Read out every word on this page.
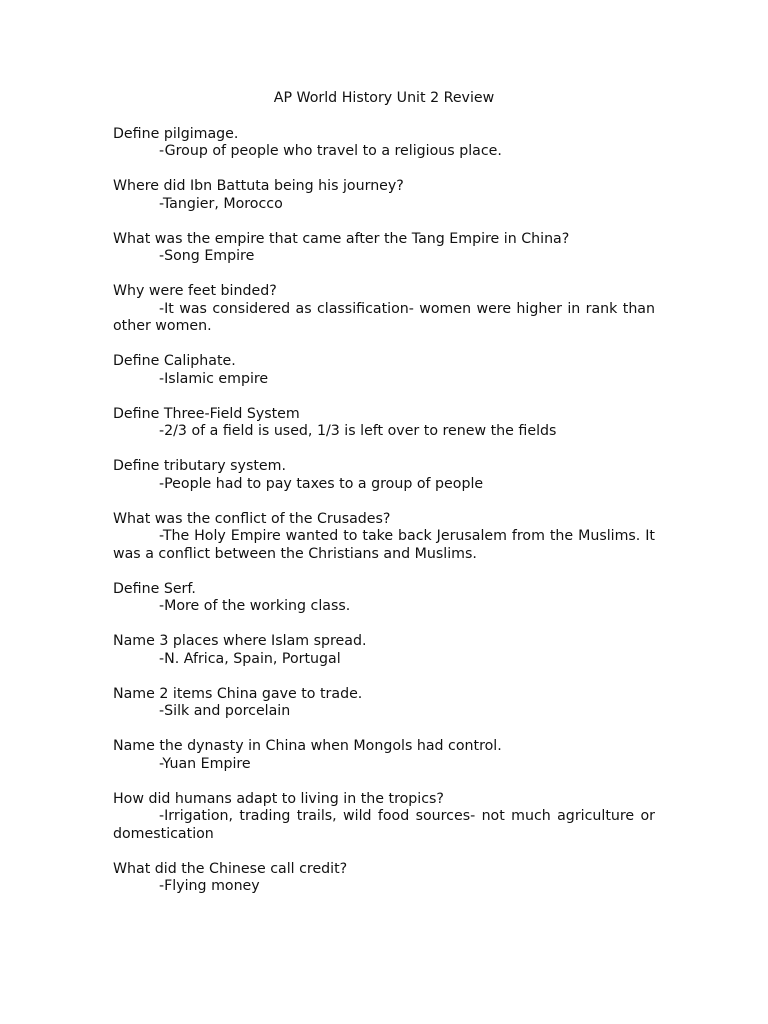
AP World History Unit 2 Review

Define pilgimage.

-Group of people who travel to a religious place.

Where did Ibn Battuta being his journey?

-Tangier, Morocco

What was the empire that came after the Tang Empire in China?

-Song Empire

Why were feet binded?

-It was considered as classification- women were higher in rank than other women.

Define Caliphate.

-Islamic empire

Define Three-Field System

-2/3 of a field is used, 1/3 is left over to renew the fields

Define tributary system.

-People had to pay taxes to a group of people

What was the conflict of the Crusades?

-The Holy Empire wanted to take back Jerusalem from the Muslims. It was a conflict between the Christians and Muslims.

Define Serf.

-More of the working class.

Name 3 places where Islam spread.

-N. Africa, Spain, Portugal

Name 2 items China gave to trade.

-Silk and porcelain

Name the dynasty in China when Mongols had control.

-Yuan Empire

How did humans adapt to living in the tropics?

-Irrigation, trading trails, wild food sources- not much agriculture or domestication

What did the Chinese call credit?

-Flying money
